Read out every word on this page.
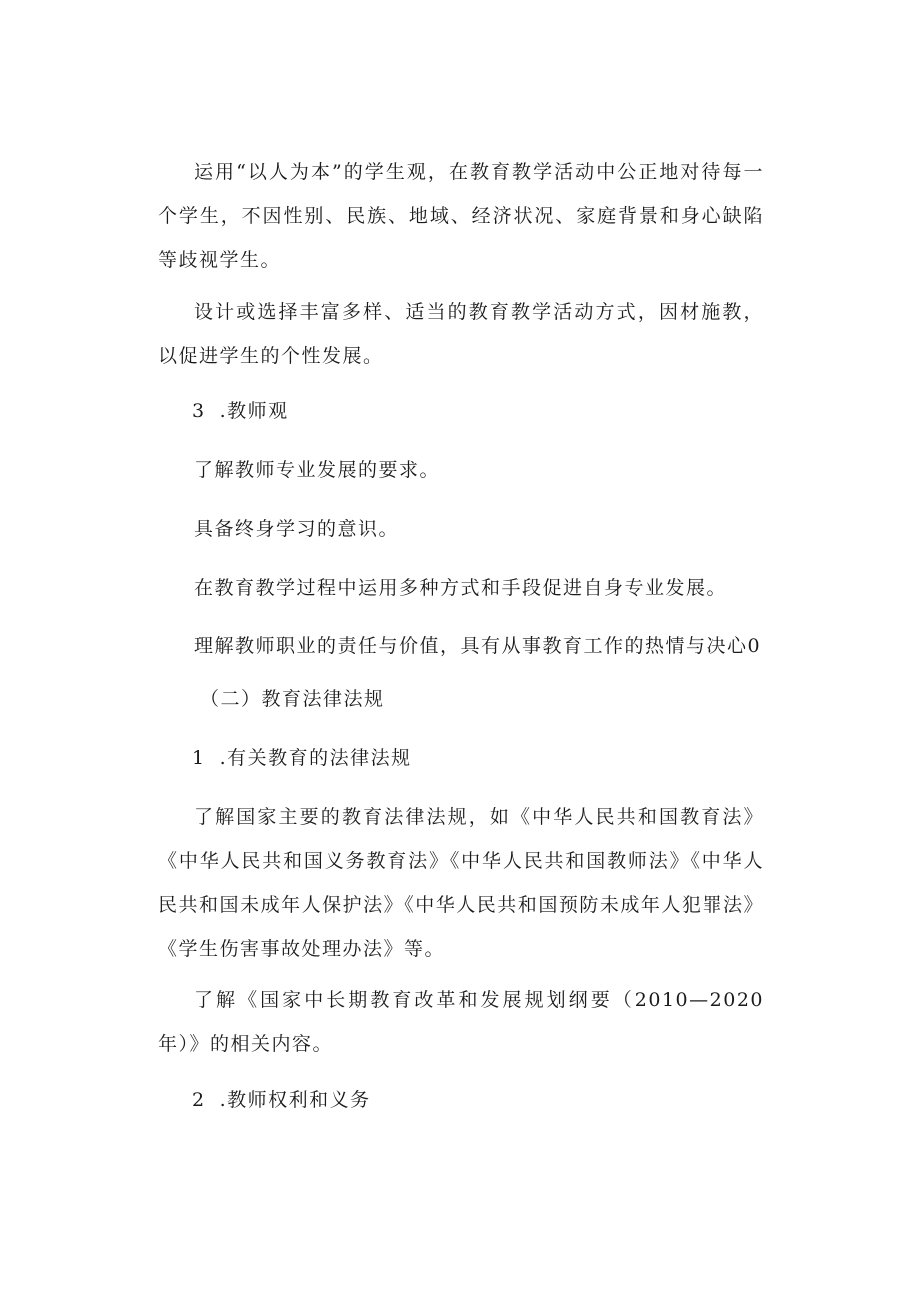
运用“以人为本”的学生观，在教育教学活动中公正地对待每一个学生，不因性别、民族、地域、经济状况、家庭背景和身心缺陷等歧视学生。

设计或选择丰富多样、适当的教育教学活动方式，因材施教，以促进学生的个性发展。

3 .教师观

了解教师专业发展的要求。

具备终身学习的意识。

在教育教学过程中运用多种方式和手段促进自身专业发展。

理解教师职业的责任与价值，具有从事教育工作的热情与决心0

（二）教育法律法规
1 .有关教育的法律法规

了解国家主要的教育法律法规，如《中华人民共和国教育法》《中华人民共和国义务教育法》《中华人民共和国教师法》《中华人民共和国未成年人保护法》《中华人民共和国预防未成年人犯罪法》《学生伤害事故处理办法》等。

了解《国家中长期教育改革和发展规划纲要（2010—2020年）》的相关内容。

2 .教师权利和义务
